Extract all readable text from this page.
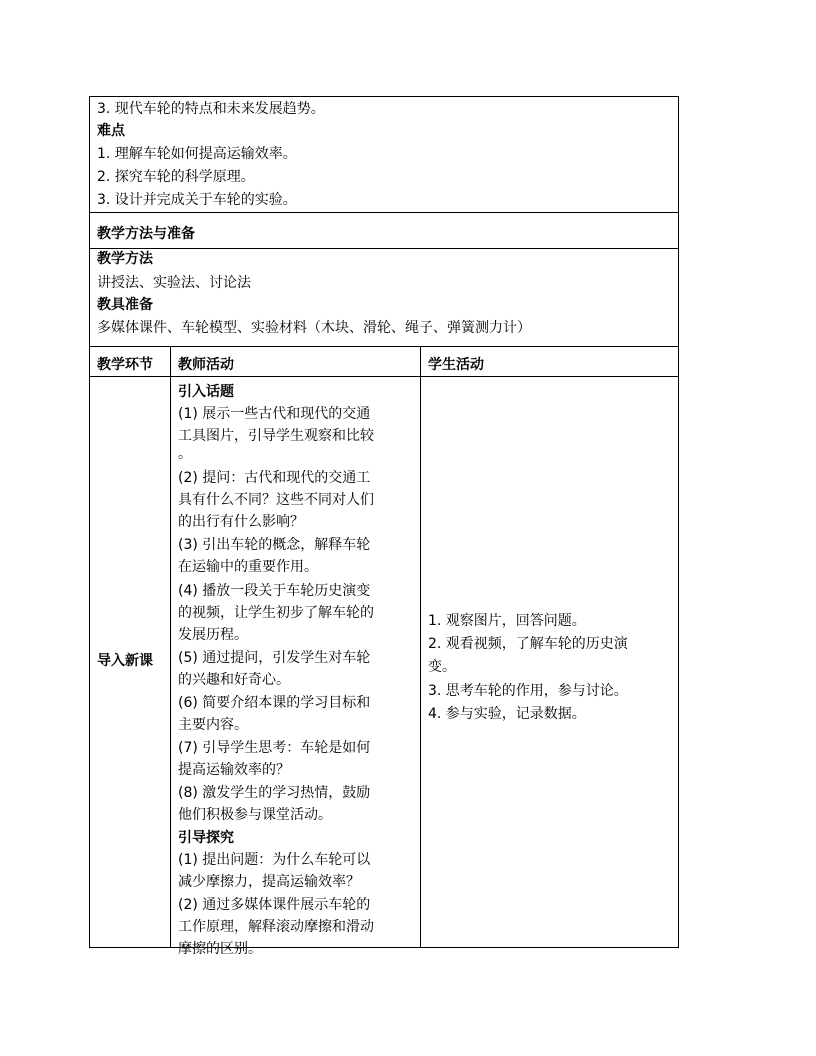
3. 现代车轮的特点和未来发展趋势。
难点
1. 理解车轮如何提高运输效率。
2. 探究车轮的科学原理。
3. 设计并完成关于车轮的实验。
教学方法与准备
教学方法
讲授法、实验法、讨论法
教具准备
多媒体课件、车轮模型、实验材料（木块、滑轮、绳子、弹簧测力计）
教学环节 教师活动	学生活动
导入新课
引入话题
(1) 展示一些古代和现代的交通
工具图片，引导学生观察和比较
。
(2) 提问：古代和现代的交通工
具有什么不同？这些不同对人们
的出行有什么影响？
(3) 引出车轮的概念，解释车轮
在运输中的重要作用。
(4) 播放一段关于车轮历史演变
的视频，让学生初步了解车轮的
发展历程。
(5) 通过提问，引发学生对车轮
的兴趣和好奇心。
(6) 简要介绍本课的学习目标和
主要内容。
(7) 引导学生思考：车轮是如何
提高运输效率的？
(8) 激发学生的学习热情，鼓励
他们积极参与课堂活动。
引导探究
(1) 提出问题：为什么车轮可以
减少摩擦力，提高运输效率？
(2) 通过多媒体课件展示车轮的
工作原理，解释滚动摩擦和滑动
摩擦的区别。
1. 观察图片，回答问题。
2. 观看视频，了解车轮的历史演
变。
3. 思考车轮的作用，参与讨论。
4. 参与实验，记录数据。
